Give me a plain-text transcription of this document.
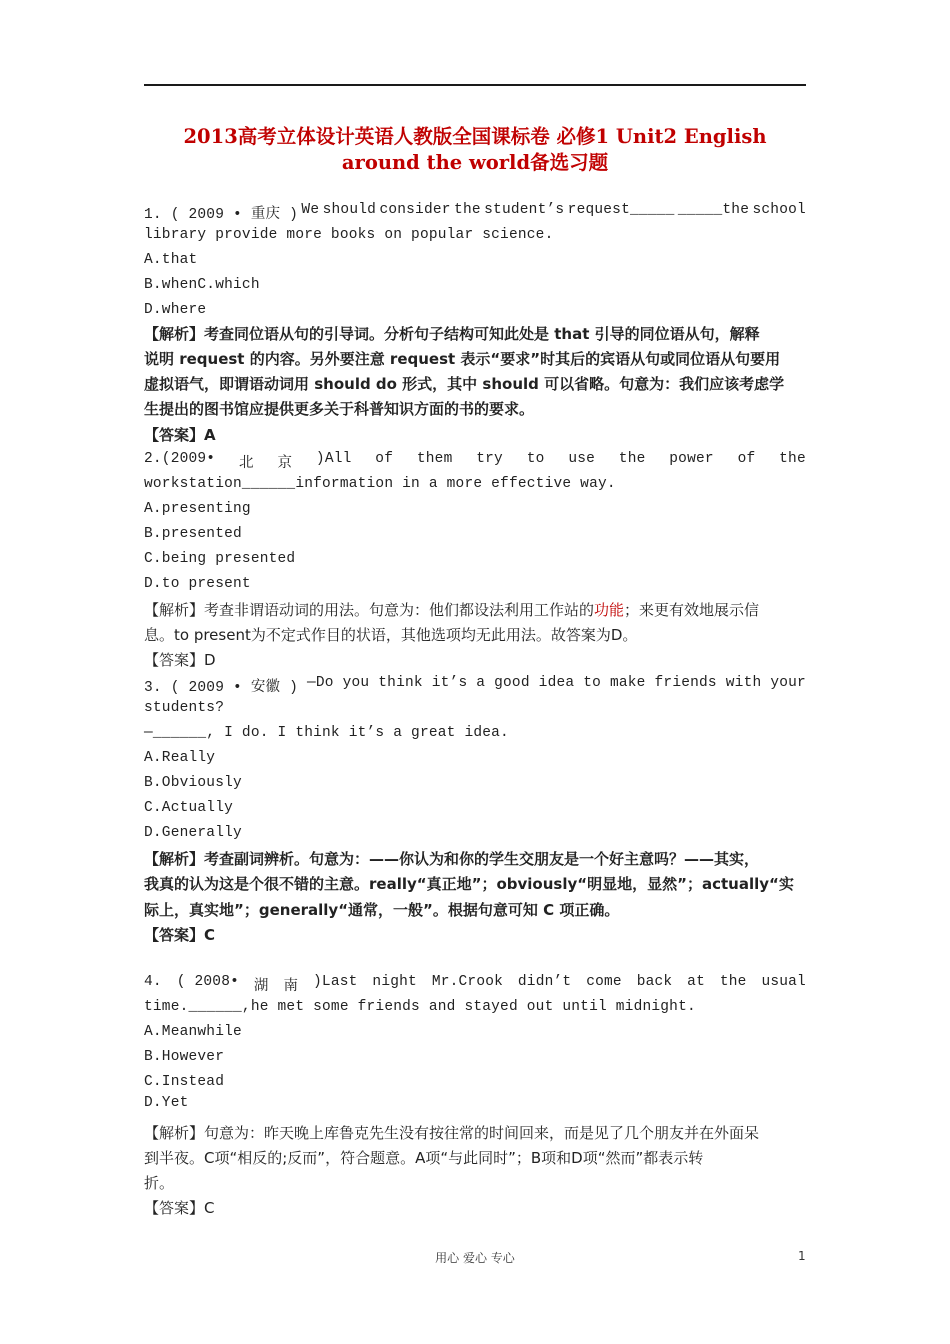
2013高考立体设计英语人教版全国课标卷 必修1 Unit2 English
around the world备选习题
1. ( 2009 • 重庆 ) We should consider the student’s request_____ _____the school
library provide more books on popular science.
A.that
B.whenC.which
D.where
【解析】考查同位语从句的引导词。分析句子结构可知此处是 that 引导的同位语从句，解释
说明 request 的内容。另外要注意 request 表示“要求”时其后的宾语从句或同位语从句要用
虚拟语气，即谓语动词用 should do 形式，其中 should 可以省略。句意为：我们应该考虑学
生提出的图书馆应提供更多关于科普知识方面的书的要求。
【答案】A
2.(2009• 北 京 )All of them try to use the power of the
workstation______information in a more effective way.
A.presenting
B.presented
C.being presented
D.to present
【解析】考查非谓语动词的用法。句意为：他们都设法利用工作站的功能；来更有效地展示信
息。to present为不定式作目的状语，其他选项均无此用法。故答案为D。
【答案】D
3. ( 2009 • 安徽 ) —Do you think it’s a good idea to make friends with your
students?
—______, I do. I think it’s a great idea.
A.Really
B.Obviously
C.Actually
D.Generally
【解析】考查副词辨析。句意为：——你认为和你的学生交朋友是一个好主意吗？——其实，
我真的认为这是个很不错的主意。really“真正地”；obviously“明显地，显然”；actually“实
际上，真实地”；generally“通常，一般”。根据句意可知 C 项正确。
【答案】C
4. ( 2008• 湖 南 )Last night Mr.Crook didn’t come back at the usual
time.______,he met some friends and stayed out until midnight.
A.Meanwhile
B.However
C.Instead
D.Yet
【解析】句意为：昨天晚上库鲁克先生没有按往常的时间回来，而是见了几个朋友并在外面呆
到半夜。C项“相反的;反而”，符合题意。A项“与此同时”；B项和D项“然而”都表示转
折。
【答案】C
用心 爱心 专心	1
